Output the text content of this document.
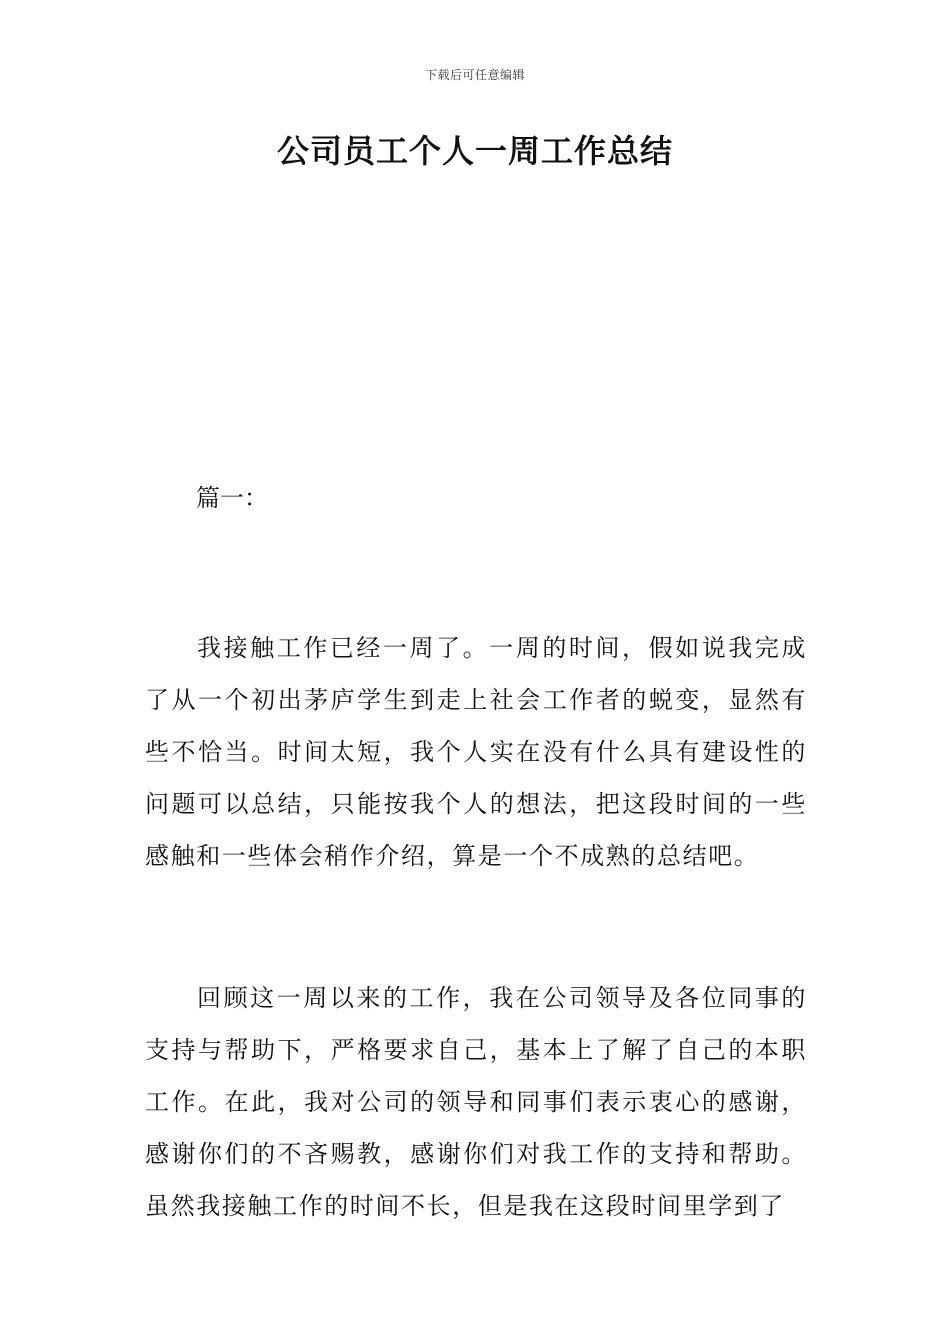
下载后可任意编辑
公司员工个人一周工作总结
篇一：

我接触工作已经一周了。一周的时间，假如说我完成了从一个初出茅庐学生到走上社会工作者的蜕变，显然有些不恰当。时间太短，我个人实在没有什么具有建设性的问题可以总结，只能按我个人的想法，把这段时间的一些感触和一些体会稍作介绍，算是一个不成熟的总结吧。

回顾这一周以来的工作，我在公司领导及各位同事的支持与帮助下，严格要求自己，基本上了解了自己的本职工作。在此，我对公司的领导和同事们表示衷心的感谢，感谢你们的不吝赐教，感谢你们对我工作的支持和帮助。虽然我接触工作的时间不长，但是我在这段时间里学到了
